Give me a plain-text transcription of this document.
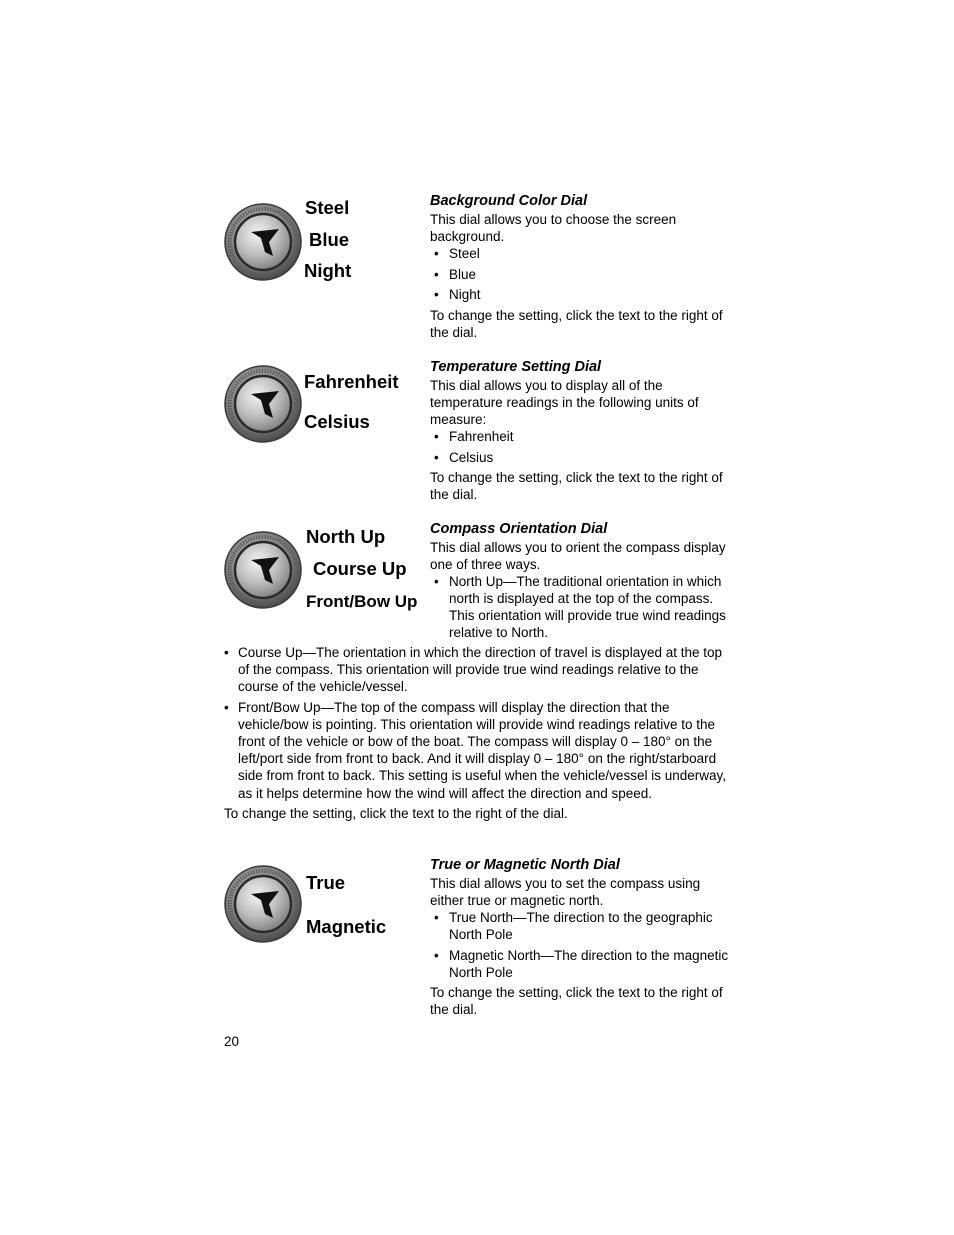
Steel
Blue
Night
Background Color Dial

This dial allows you to choose the screen background.

• Steel
• Blue
• Night

To change the setting, click the text to the right of the dial.

Fahrenheit
Celsius
Temperature Setting Dial

This dial allows you to display all of the temperature readings in the following units of measure:

• Fahrenheit
• Celsius

To change the setting, click the text to the right of the dial.

North Up
Course Up
Front/Bow Up
Compass Orientation Dial

This dial allows you to orient the compass display one of three ways.

• North Up—The traditional orientation in which north is displayed at the top of the compass. This orientation will provide true wind readings relative to North.
• Course Up—The orientation in which the direction of travel is displayed at the top of the compass. This orientation will provide true wind readings relative to the course of the vehicle/vessel.
• Front/Bow Up—The top of the compass will display the direction that the vehicle/bow is pointing. This orientation will provide wind readings relative to the front of the vehicle or bow of the boat. The compass will display 0 – 180° on the left/port side from front to back. And it will display 0 – 180° on the right/starboard side from front to back. This setting is useful when the vehicle/vessel is underway, as it helps determine how the wind will affect the direction and speed.

To change the setting, click the text to the right of the dial.

True
Magnetic
True or Magnetic North Dial

This dial allows you to set the compass using either true or magnetic north.

• True North—The direction to the geographic North Pole
• Magnetic North—The direction to the magnetic North Pole

To change the setting, click the text to the right of the dial.

20
